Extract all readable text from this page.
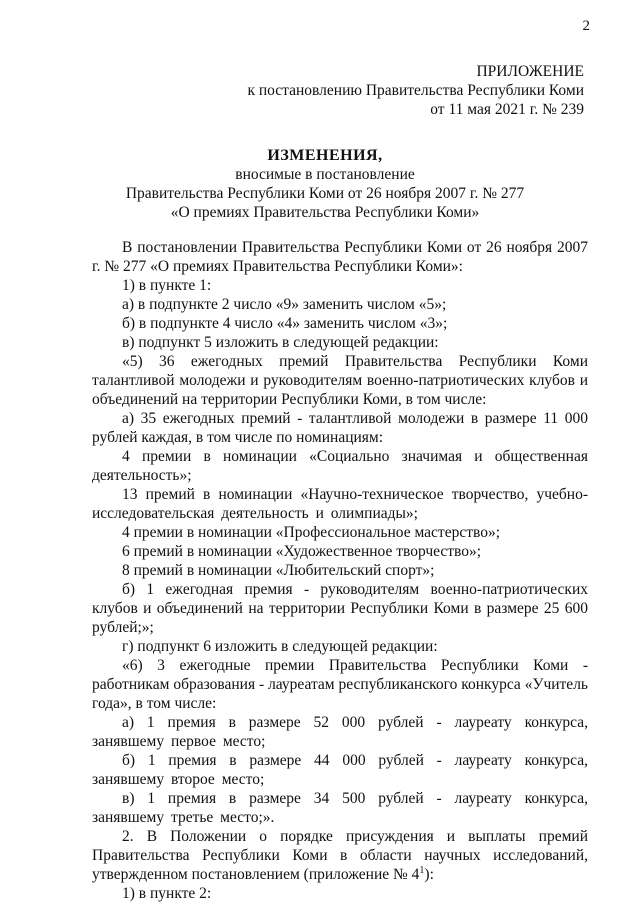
2
ПРИЛОЖЕНИЕ
к постановлению Правительства Республики Коми
от 11 мая 2021 г. № 239
ИЗМЕНЕНИЯ,
вносимые в постановление
Правительства Республики Коми от 26 ноября 2007 г. № 277
«О премиях Правительства Республики Коми»

В постановлении Правительства Республики Коми от 26 ноября 2007 г. № 277 «О премиях Правительства Республики Коми»:

1) в пункте 1:

а) в подпункте 2 число «9» заменить числом «5»;

б) в подпункте 4 число «4» заменить числом «3»;

в) подпункт 5 изложить в следующей редакции:

«5) 36 ежегодных премий Правительства Республики Коми талантливой молодежи и руководителям военно-патриотических клубов и объединений на территории Республики Коми, в том числе:

а) 35 ежегодных премий - талантливой молодежи в размере 11 000 рублей каждая, в том числе по номинациям:

4 премии в номинации «Социально значимая и общественная деятельность»;

13 премий в номинации «Научно-техническое творчество, учебно-исследовательская деятельность и олимпиады»;

4 премии в номинации «Профессиональное мастерство»;

6 премий в номинации «Художественное творчество»;

8 премий в номинации «Любительский спорт»;

б) 1 ежегодная премия - руководителям военно-патриотических клубов и объединений на территории Республики Коми в размере 25 600 рублей;»;

г) подпункт 6 изложить в следующей редакции:

«6) 3 ежегодные премии Правительства Республики Коми - работникам образования - лауреатам республиканского конкурса «Учитель года», в том числе:

а) 1 премия в размере 52 000 рублей - лауреату конкурса, занявшему первое место;

б) 1 премия в размере 44 000 рублей - лауреату конкурса, занявшему второе место;

в) 1 премия в размере 34 500 рублей - лауреату конкурса, занявшему третье место;».

2. В Положении о порядке присуждения и выплаты премий Правительства Республики Коми в области научных исследований, утвержденном постановлением (приложение № $4^1$):

1) в пункте 2:
